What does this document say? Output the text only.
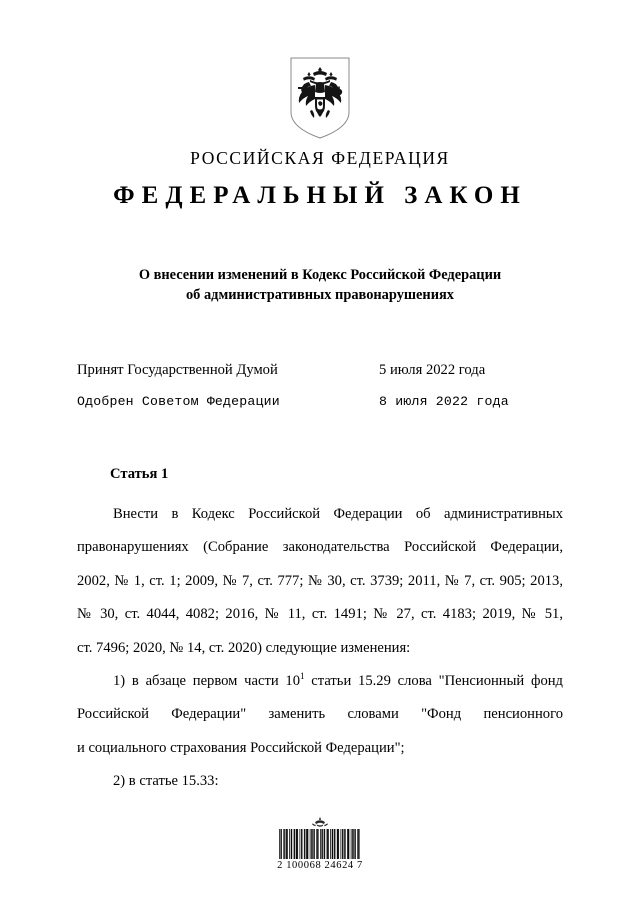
РОССИЙСКАЯ ФЕДЕРАЦИЯ
ФЕДЕРАЛЬНЫЙ ЗАКОН
О внесении изменений в Кодекс Российской Федерации
об административных правонарушениях
Принят Государственной Думой	5 июля 2022 года
Одобрен Советом Федерации	8 июля 2022 года
Статья 1

Внести в Кодекс Российской Федерации об административных
правонарушениях (Собрание законодательства Российской Федерации,
2002, № 1, ст. 1; 2009, № 7, ст. 777; № 30, ст. 3739; 2011, № 7, ст. 905; 2013,
№ 30, ст. 4044, 4082; 2016, № 11, ст. 1491; № 27, ст. 4183; 2019, № 51,
ст. 7496; 2020, № 14, ст. 2020) следующие изменения:

1) в абзаце первом части $10^1$ статьи 15.29 слова "Пенсионный фонд
Российской Федерации" заменить словами "Фонд пенсионного
и социального страхования Российской Федерации";

2) в статье 15.33:

2 100068 24624 7
